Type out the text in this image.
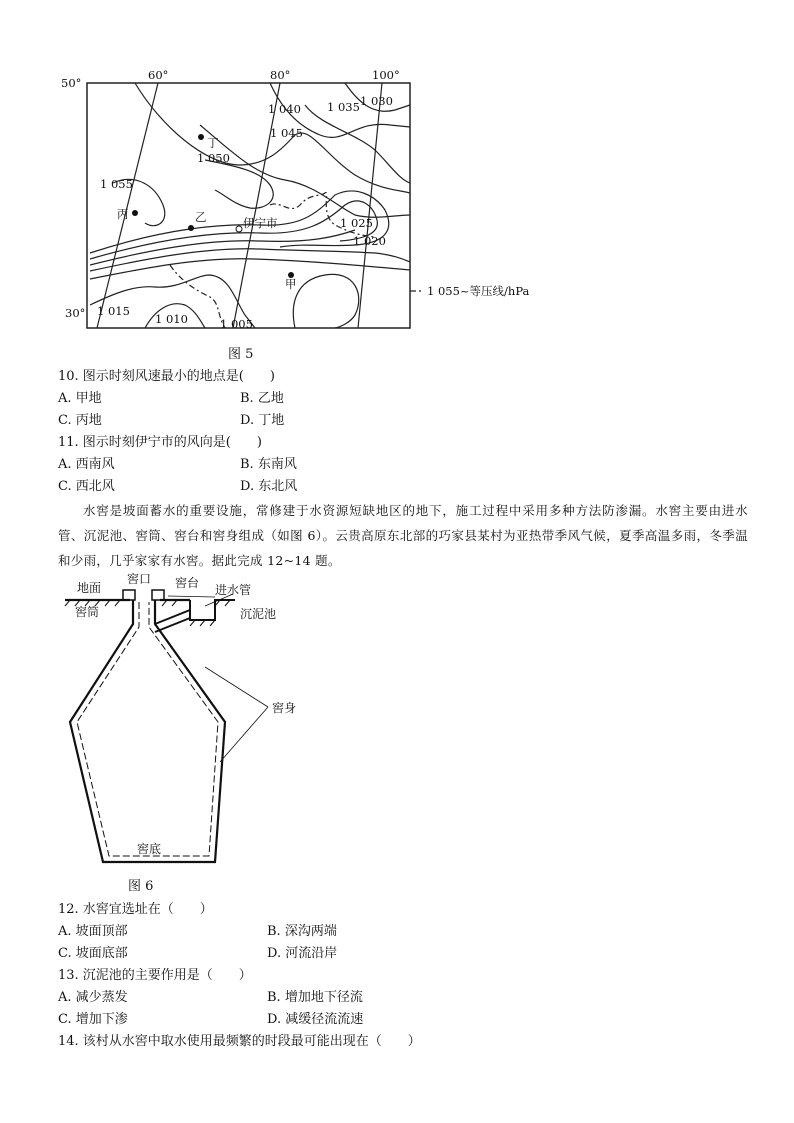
50°
30°
60°	80°	100°
1 040 1 035 1 030
1 045
1 050
1 055
1 025
1 020
1 015
1 010	1 005
丁
丙	乙	伊宁市
甲	1 055~等压线/hPa
图 5
10. 图示时刻风速最小的地点是(　　)
A. 甲地	B. 乙地
C. 丙地	D. 丁地
11. 图示时刻伊宁市的风向是(　　)
A. 西南风	B. 东南风
C. 西北风	D. 东北风
水窖是坡面蓄水的重要设施，常修建于水资源短缺地区的地下，施工过程中采用多种方法防渗漏。水窖主要由进水管、沉泥池、窖筒、窖台和窖身组成（如图 6）。云贵高原东北部的巧家县某村为亚热带季风气候，夏季高温多雨，冬季温和少雨，几乎家家有水窖。据此完成 12~14 题。
地面
窖口 窖台 进水管
窖筒	沉泥池
窖身
窖底
图 6
12. 水窖宜选址在（　　）
A. 坡面顶部	B. 深沟两端
C. 坡面底部	D. 河流沿岸
13. 沉泥池的主要作用是（　　）
A. 减少蒸发	B. 增加地下径流
C. 增加下渗	D. 减缓径流流速
14. 该村从水窖中取水使用最频繁的时段最可能出现在（　　）
